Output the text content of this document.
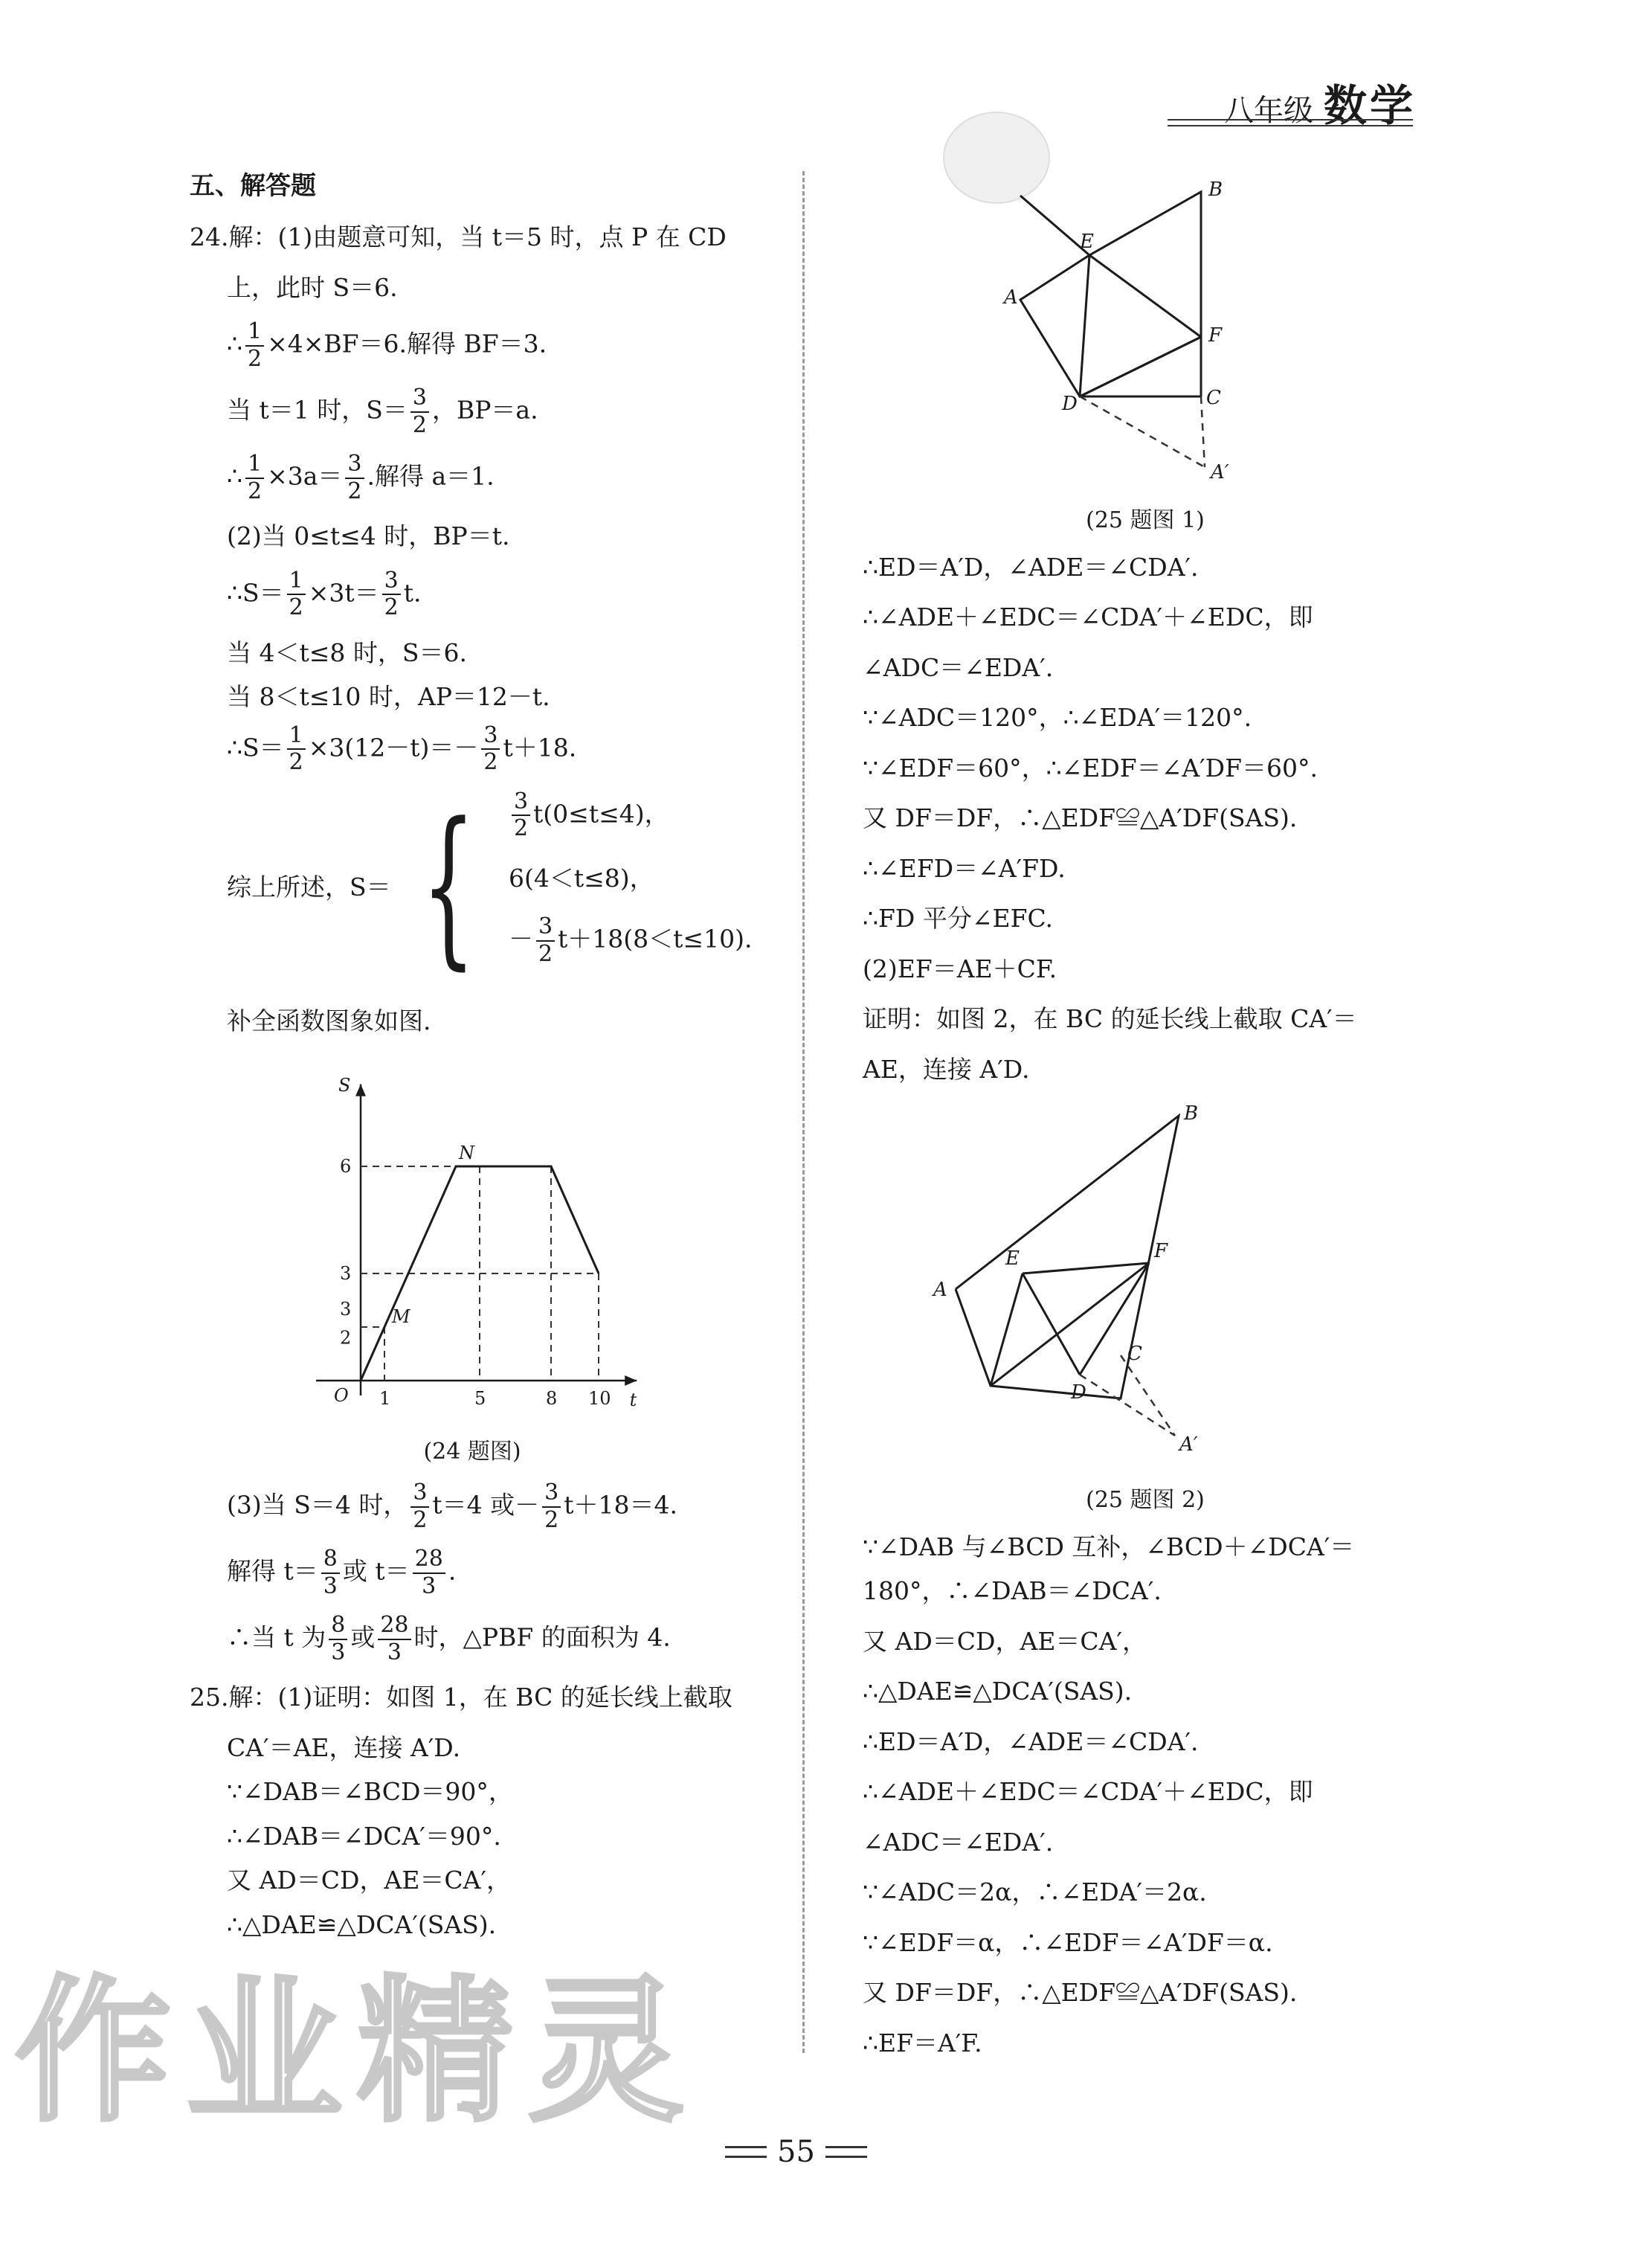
八年级 数学
五、解答题
24.解：(1)由题意可知，当 t＝5 时，点 P 在 CD
上，此时 S＝6.
∴ $\frac{1}{2} \times 4\times BF=6$.解得 BF＝3.
当 t＝1 时，$S= \frac{3}{2}$ ，BP＝a.
∴ $\frac{1}{2} \times 3a= \frac{3}{2}$ .解得 a＝1.
(2)当 0≤t≤4 时，BP＝t.
∴S＝ $\frac{1}{2} \times 3t= \frac{3}{2} t$.
当 4＜t≤8 时，S＝6.
当 8＜t≤10 时，AP＝12－t.
∴S＝ $\frac{1}{2} \times 3(12-t)=- \frac{3}{2} t+18$.
综上所述，S＝ { $\frac{3}{2} t(0\le t\le 4)$，
6(4＜t≤8)，
－ $\frac{3}{2} t+18(8<t\le 10)$.
补全函数图象如图.
S
t
O
6
3
3
2
1	5	8 10
N
M
(24 题图)
(3)当 S＝4 时， $\frac{3}{2} t=4$ 或－ $\frac{3}{2} t+18=4$.
解得 $t= \frac{8}{3}$ 或 $t= \frac{28}{3}$ .
∴当 t 为 $\frac{8}{3}$ 或 $\frac{28}{3}$ 时，△PBF 的面积为 4.
25.解：(1)证明：如图 1，在 BC 的延长线上截取
CA′＝AE，连接 A′D.
∵∠DAB＝∠BCD＝90°，
∴∠DAB＝∠DCA′＝90°.
又 AD＝CD，AE＝CA′，
∴△DAE≌△DCA′(SAS).
A
B
C
D
E
F
A′
(25 题图 1)
∴ED＝A′D，∠ADE＝∠CDA′.
∴∠ADE＋∠EDC＝∠CDA′＋∠EDC，即
∠ADC＝∠EDA′.
∵∠ADC＝120°，∴∠EDA′＝120°.
∵∠EDF＝60°，∴∠EDF＝∠A′DF＝60°.
又 DF＝DF，∴△EDF≌△A′DF(SAS).
∴∠EFD＝∠A′FD.
∴FD 平分∠EFC.
(2)EF＝AE＋CF.
证明：如图 2，在 BC 的延长线上截取 CA′＝
AE，连接 A′D.
A
B
C
D
E	F
A′
(25 题图 2)
∵∠DAB 与∠BCD 互补，∠BCD＋∠DCA′＝
180°，∴∠DAB＝∠DCA′.
又 AD＝CD，AE＝CA′，
∴△DAE≌△DCA′(SAS).
∴ED＝A′D，∠ADE＝∠CDA′.
∴∠ADE＋∠EDC＝∠CDA′＋∠EDC，即
∠ADC＝∠EDA′.
∵∠ADC＝2α，∴∠EDA′＝2α.
∵∠EDF＝α，∴∠EDF＝∠A′DF＝α.
又 DF＝DF，∴△EDF≌△A′DF(SAS).
∴EF＝A′F.
作业精灵
55
